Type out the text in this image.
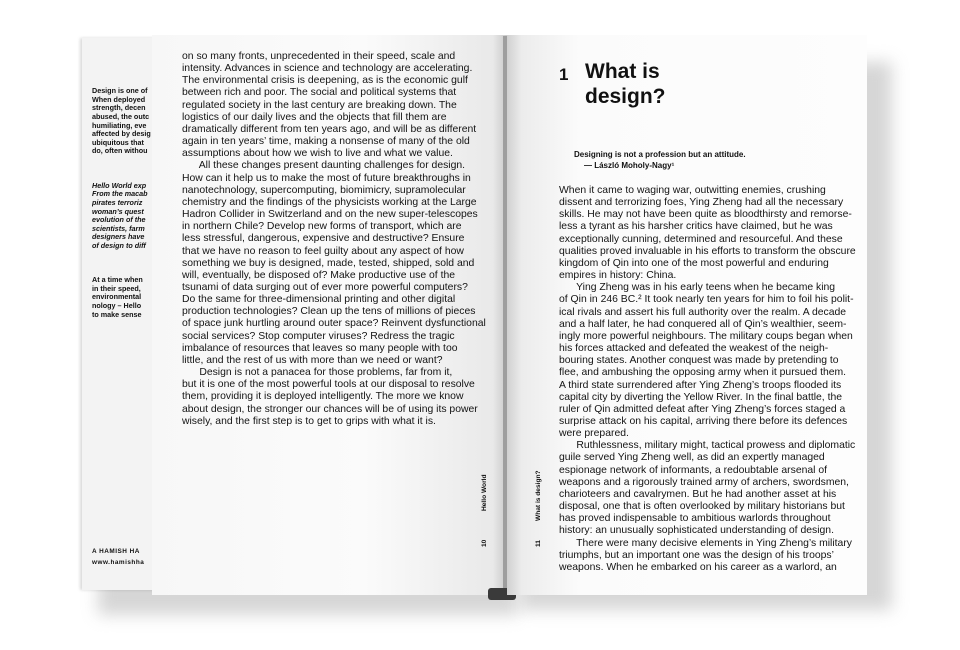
Design is one of
When deployed
strength, decen
abused, the outc
humiliating, eve
affected by desig
ubiquitous that
do, often withou

Hello World exp
From the macab
pirates terroriz
woman’s quest
evolution of the
scientists, farm
designers have
of design to diff

At a time when
in their speed,
environmental
nology – Hello
to make sense

A HAMISH HA
www.hamishha
on so many fronts, unprecedented in their speed, scale and
intensity. Advances in science and technology are accelerating.
The environmental crisis is deepening, as is the economic gulf
between rich and poor. The social and political systems that
regulated society in the last century are breaking down. The
logistics of our daily lives and the objects that fill them are
dramatically different from ten years ago, and will be as different
again in ten years’ time, making a nonsense of many of the old
assumptions about how we wish to live and what we value.
All these changes present daunting challenges for design.
How can it help us to make the most of future breakthroughs in
nanotechnology, supercomputing, biomimicry, supramolecular
chemistry and the findings of the physicists working at the Large
Hadron Collider in Switzerland and on the new super-telescopes
in northern Chile? Develop new forms of transport, which are
less stressful, dangerous, expensive and destructive? Ensure
that we have no reason to feel guilty about any aspect of how
something we buy is designed, made, tested, shipped, sold and
will, eventually, be disposed of? Make productive use of the
tsunami of data surging out of ever more powerful computers?
Do the same for three-dimensional printing and other digital
production technologies? Clean up the tens of millions of pieces
of space junk hurtling around outer space? Reinvent dysfunctional
social services? Stop computer viruses? Redress the tragic
imbalance of resources that leaves so many people with too
little, and the rest of us with more than we need or want?
Design is not a panacea for those problems, far from it,
but it is one of the most powerful tools at our disposal to resolve
them, providing it is deployed intelligently. The more we know
about design, the stronger our chances will be of using its power
wisely, and the first step is to get to grips with what it is.
Hello World
10
1 What is
design?
Designing is not a profession but an attitude.
— László Moholy-Nagy¹
When it came to waging war, outwitting enemies, crushing
dissent and terrorizing foes, Ying Zheng had all the necessary
skills. He may not have been quite as bloodthirsty and remorse-
less a tyrant as his harsher critics have claimed, but he was
exceptionally cunning, determined and resourceful. And these
qualities proved invaluable in his efforts to transform the obscure
kingdom of Qin into one of the most powerful and enduring
empires in history: China.
Ying Zheng was in his early teens when he became king
of Qin in 246 BC.² It took nearly ten years for him to foil his polit-
ical rivals and assert his full authority over the realm. A decade
and a half later, he had conquered all of Qin’s wealthier, seem-
ingly more powerful neighbours. The military coups began when
his forces attacked and defeated the weakest of the neigh-
bouring states. Another conquest was made by pretending to
flee, and ambushing the opposing army when it pursued them.
A third state surrendered after Ying Zheng’s troops flooded its
capital city by diverting the Yellow River. In the final battle, the
ruler of Qin admitted defeat after Ying Zheng’s forces staged a
surprise attack on his capital, arriving there before its defences
were prepared.
Ruthlessness, military might, tactical prowess and diplomatic
guile served Ying Zheng well, as did an expertly managed
espionage network of informants, a redoubtable arsenal of
weapons and a rigorously trained army of archers, swordsmen,
charioteers and cavalrymen. But he had another asset at his
disposal, one that is often overlooked by military historians but
has proved indispensable to ambitious warlords throughout
history: an unusually sophisticated understanding of design.
There were many decisive elements in Ying Zheng’s military
triumphs, but an important one was the design of his troops’
weapons. When he embarked on his career as a warlord, an
What is design?
11
